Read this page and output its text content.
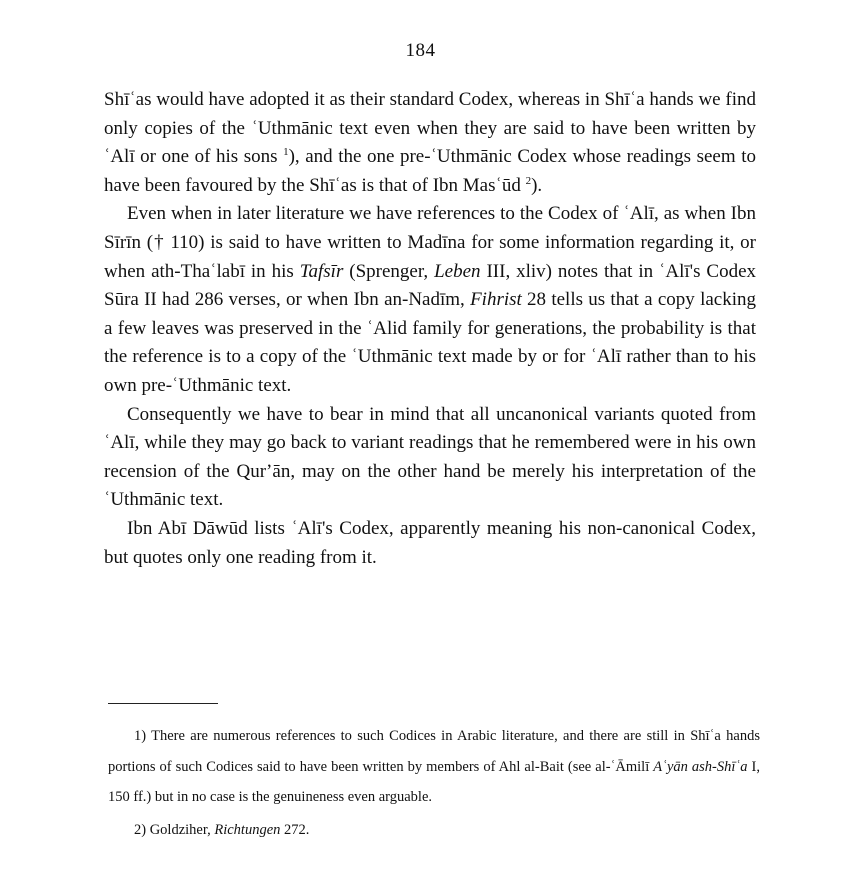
184

Shīʿas would have adopted it as their standard Codex, whereas in Shīʿa hands we find only copies of the ʿUthmānic text even when they are said to have been written by ʿAlī or one of his sons $^1$), and the one pre-ʿUthmānic Codex whose readings seem to have been favoured by the Shīʿas is that of Ibn Masʿūd $^2$).

Even when in later literature we have references to the Codex of ʿAlī, as when Ibn Sīrīn († 110) is said to have written to Madīna for some information regarding it, or when ath-Thaʿlabī in his Tafsīr (Sprenger, Leben III, xliv) notes that in ʿAlī's Codex Sūra II had 286 verses, or when Ibn an-Nadīm, Fihrist 28 tells us that a copy lacking a few leaves was preserved in the ʿAlid family for generations, the probability is that the reference is to a copy of the ʿUthmānic text made by or for ʿAlī rather than to his own pre-ʿUthmānic text.

Consequently we have to bear in mind that all uncanonical variants quoted from ʿAlī, while they may go back to variant readings that he remembered were in his own recension of the Qurʼān, may on the other hand be merely his interpretation of the ʿUthmānic text.

Ibn Abī Dāwūd lists ʿAlī's Codex, apparently meaning his non-canonical Codex, but quotes only one reading from it.

1) There are numerous references to such Codices in Arabic literature, and there are still in Shīʿa hands portions of such Codices said to have been written by members of Ahl al-Bait (see al-ʿĀmilī Aʿyān ash-Shīʿa I, 150 ff.) but in no case is the genuineness even arguable.

2) Goldziher, Richtungen 272.
